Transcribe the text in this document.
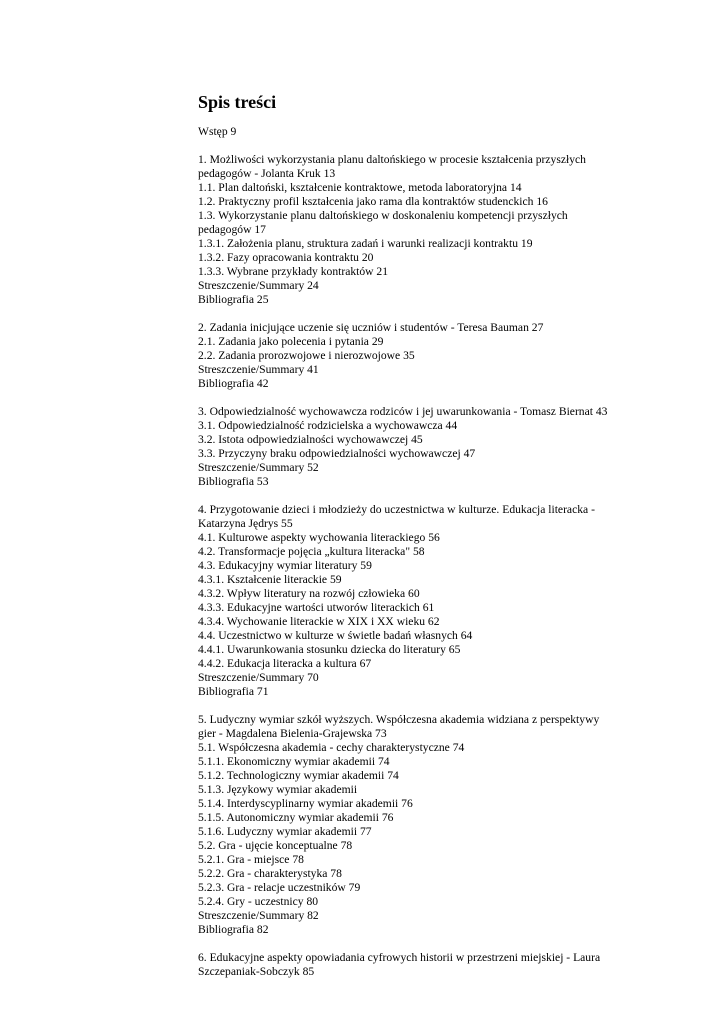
Spis treści
Wstęp 9
1. Możliwości wykorzystania planu daltońskiego w procesie kształcenia przyszłych
pedagogów - Jolanta Kruk 13
1.1. Plan daltoński, kształcenie kontraktowe, metoda laboratoryjna 14
1.2. Praktyczny profil kształcenia jako rama dla kontraktów studenckich 16
1.3. Wykorzystanie planu daltońskiego w doskonaleniu kompetencji przyszłych
pedagogów 17
1.3.1. Założenia planu, struktura zadań i warunki realizacji kontraktu 19
1.3.2. Fazy opracowania kontraktu 20
1.3.3. Wybrane przykłady kontraktów 21
Streszczenie/Summary 24
Bibliografia 25
2. Zadania inicjujące uczenie się uczniów i studentów - Teresa Bauman 27
2.1. Zadania jako polecenia i pytania 29
2.2. Zadania prorozwojowe i nierozwojowe 35
Streszczenie/Summary 41
Bibliografia 42
3. Odpowiedzialność wychowawcza rodziców i jej uwarunkowania - Tomasz Biernat 43
3.1. Odpowiedzialność rodzicielska a wychowawcza 44
3.2. Istota odpowiedzialności wychowawczej 45
3.3. Przyczyny braku odpowiedzialności wychowawczej 47
Streszczenie/Summary 52
Bibliografia 53
4. Przygotowanie dzieci i młodzieży do uczestnictwa w kulturze. Edukacja literacka -
Katarzyna Jędrys 55
4.1. Kulturowe aspekty wychowania literackiego 56
4.2. Transformacje pojęcia „kultura literacka" 58
4.3. Edukacyjny wymiar literatury 59
4.3.1. Kształcenie literackie 59
4.3.2. Wpływ literatury na rozwój człowieka 60
4.3.3. Edukacyjne wartości utworów literackich 61
4.3.4. Wychowanie literackie w XIX i XX wieku 62
4.4. Uczestnictwo w kulturze w świetle badań własnych 64
4.4.1. Uwarunkowania stosunku dziecka do literatury 65
4.4.2. Edukacja literacka a kultura 67
Streszczenie/Summary 70
Bibliografia 71
5. Ludyczny wymiar szkół wyższych. Współczesna akademia widziana z perspektywy
gier - Magdalena Bielenia-Grajewska 73
5.1. Współczesna akademia - cechy charakterystyczne 74
5.1.1. Ekonomiczny wymiar akademii 74
5.1.2. Technologiczny wymiar akademii 74
5.1.3. Językowy wymiar akademii
5.1.4. Interdyscyplinarny wymiar akademii 76
5.1.5. Autonomiczny wymiar akademii 76
5.1.6. Ludyczny wymiar akademii 77
5.2. Gra - ujęcie konceptualne 78
5.2.1. Gra - miejsce 78
5.2.2. Gra - charakterystyka 78
5.2.3. Gra - relacje uczestników 79
5.2.4. Gry - uczestnicy 80
Streszczenie/Summary 82
Bibliografia 82
6. Edukacyjne aspekty opowiadania cyfrowych historii w przestrzeni miejskiej - Laura
Szczepaniak-Sobczyk 85
